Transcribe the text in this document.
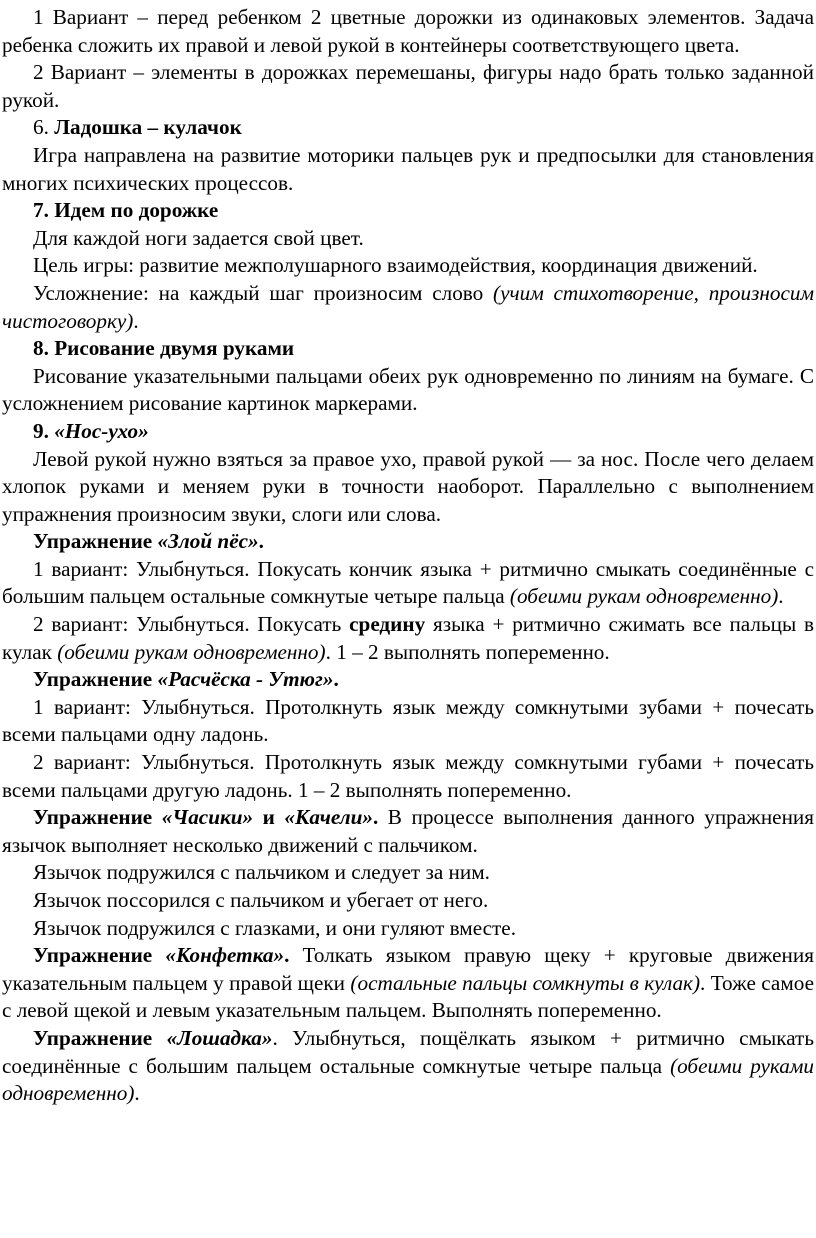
1 Вариант – перед ребенком 2 цветные дорожки из одинаковых элементов. Задача ребенка сложить их правой и левой рукой в контейнеры соответствующего цвета.

2 Вариант – элементы в дорожках перемешаны, фигуры надо брать только заданной рукой.

6. Ладошка – кулачок

Игра направлена на развитие моторики пальцев рук и предпосылки для становления многих психических процессов.

7. Идем по дорожке

Для каждой ноги задается свой цвет.

Цель игры: развитие межполушарного взаимодействия, координация движений.

Усложнение: на каждый шаг произносим слово (учим стихотворение, произносим чистоговорку).

8. Рисование двумя руками

Рисование указательными пальцами обеих рук одновременно по линиям на бумаге. С усложнением рисование картинок маркерами.

9. «Нос-ухо»

Левой рукой нужно взяться за правое ухо, правой рукой — за нос. После чего делаем хлопок руками и меняем руки в точности наоборот. Параллельно с выполнением упражнения произносим звуки, слоги или слова.

Упражнение «Злой пёс».

1 вариант: Улыбнуться. Покусать кончик языка + ритмично смыкать соединённые с большим пальцем остальные сомкнутые четыре пальца (обеими рукам одновременно).

2 вариант: Улыбнуться. Покусать средину языка + ритмично сжимать все пальцы в кулак (обеими рукам одновременно). 1 – 2 выполнять попеременно.

Упражнение «Расчёска - Утюг».

1 вариант: Улыбнуться. Протолкнуть язык между сомкнутыми зубами + почесать всеми пальцами одну ладонь.

2 вариант: Улыбнуться. Протолкнуть язык между сомкнутыми губами + почесать всеми пальцами другую ладонь. 1 – 2 выполнять попеременно.

Упражнение «Часики» и «Качели». В процессе выполнения данного упражнения язычок выполняет несколько движений с пальчиком.

Язычок подружился с пальчиком и следует за ним.

Язычок поссорился с пальчиком и убегает от него.

Язычок подружился с глазками, и они гуляют вместе.

Упражнение «Конфетка». Толкать языком правую щеку + круговые движения указательным пальцем у правой щеки (остальные пальцы сомкнуты в кулак). Тоже самое с левой щекой и левым указательным пальцем. Выполнять попеременно.

Упражнение «Лошадка». Улыбнуться, пощёлкать языком + ритмично смыкать соединённые с большим пальцем остальные сомкнутые четыре пальца (обеими руками одновременно).
